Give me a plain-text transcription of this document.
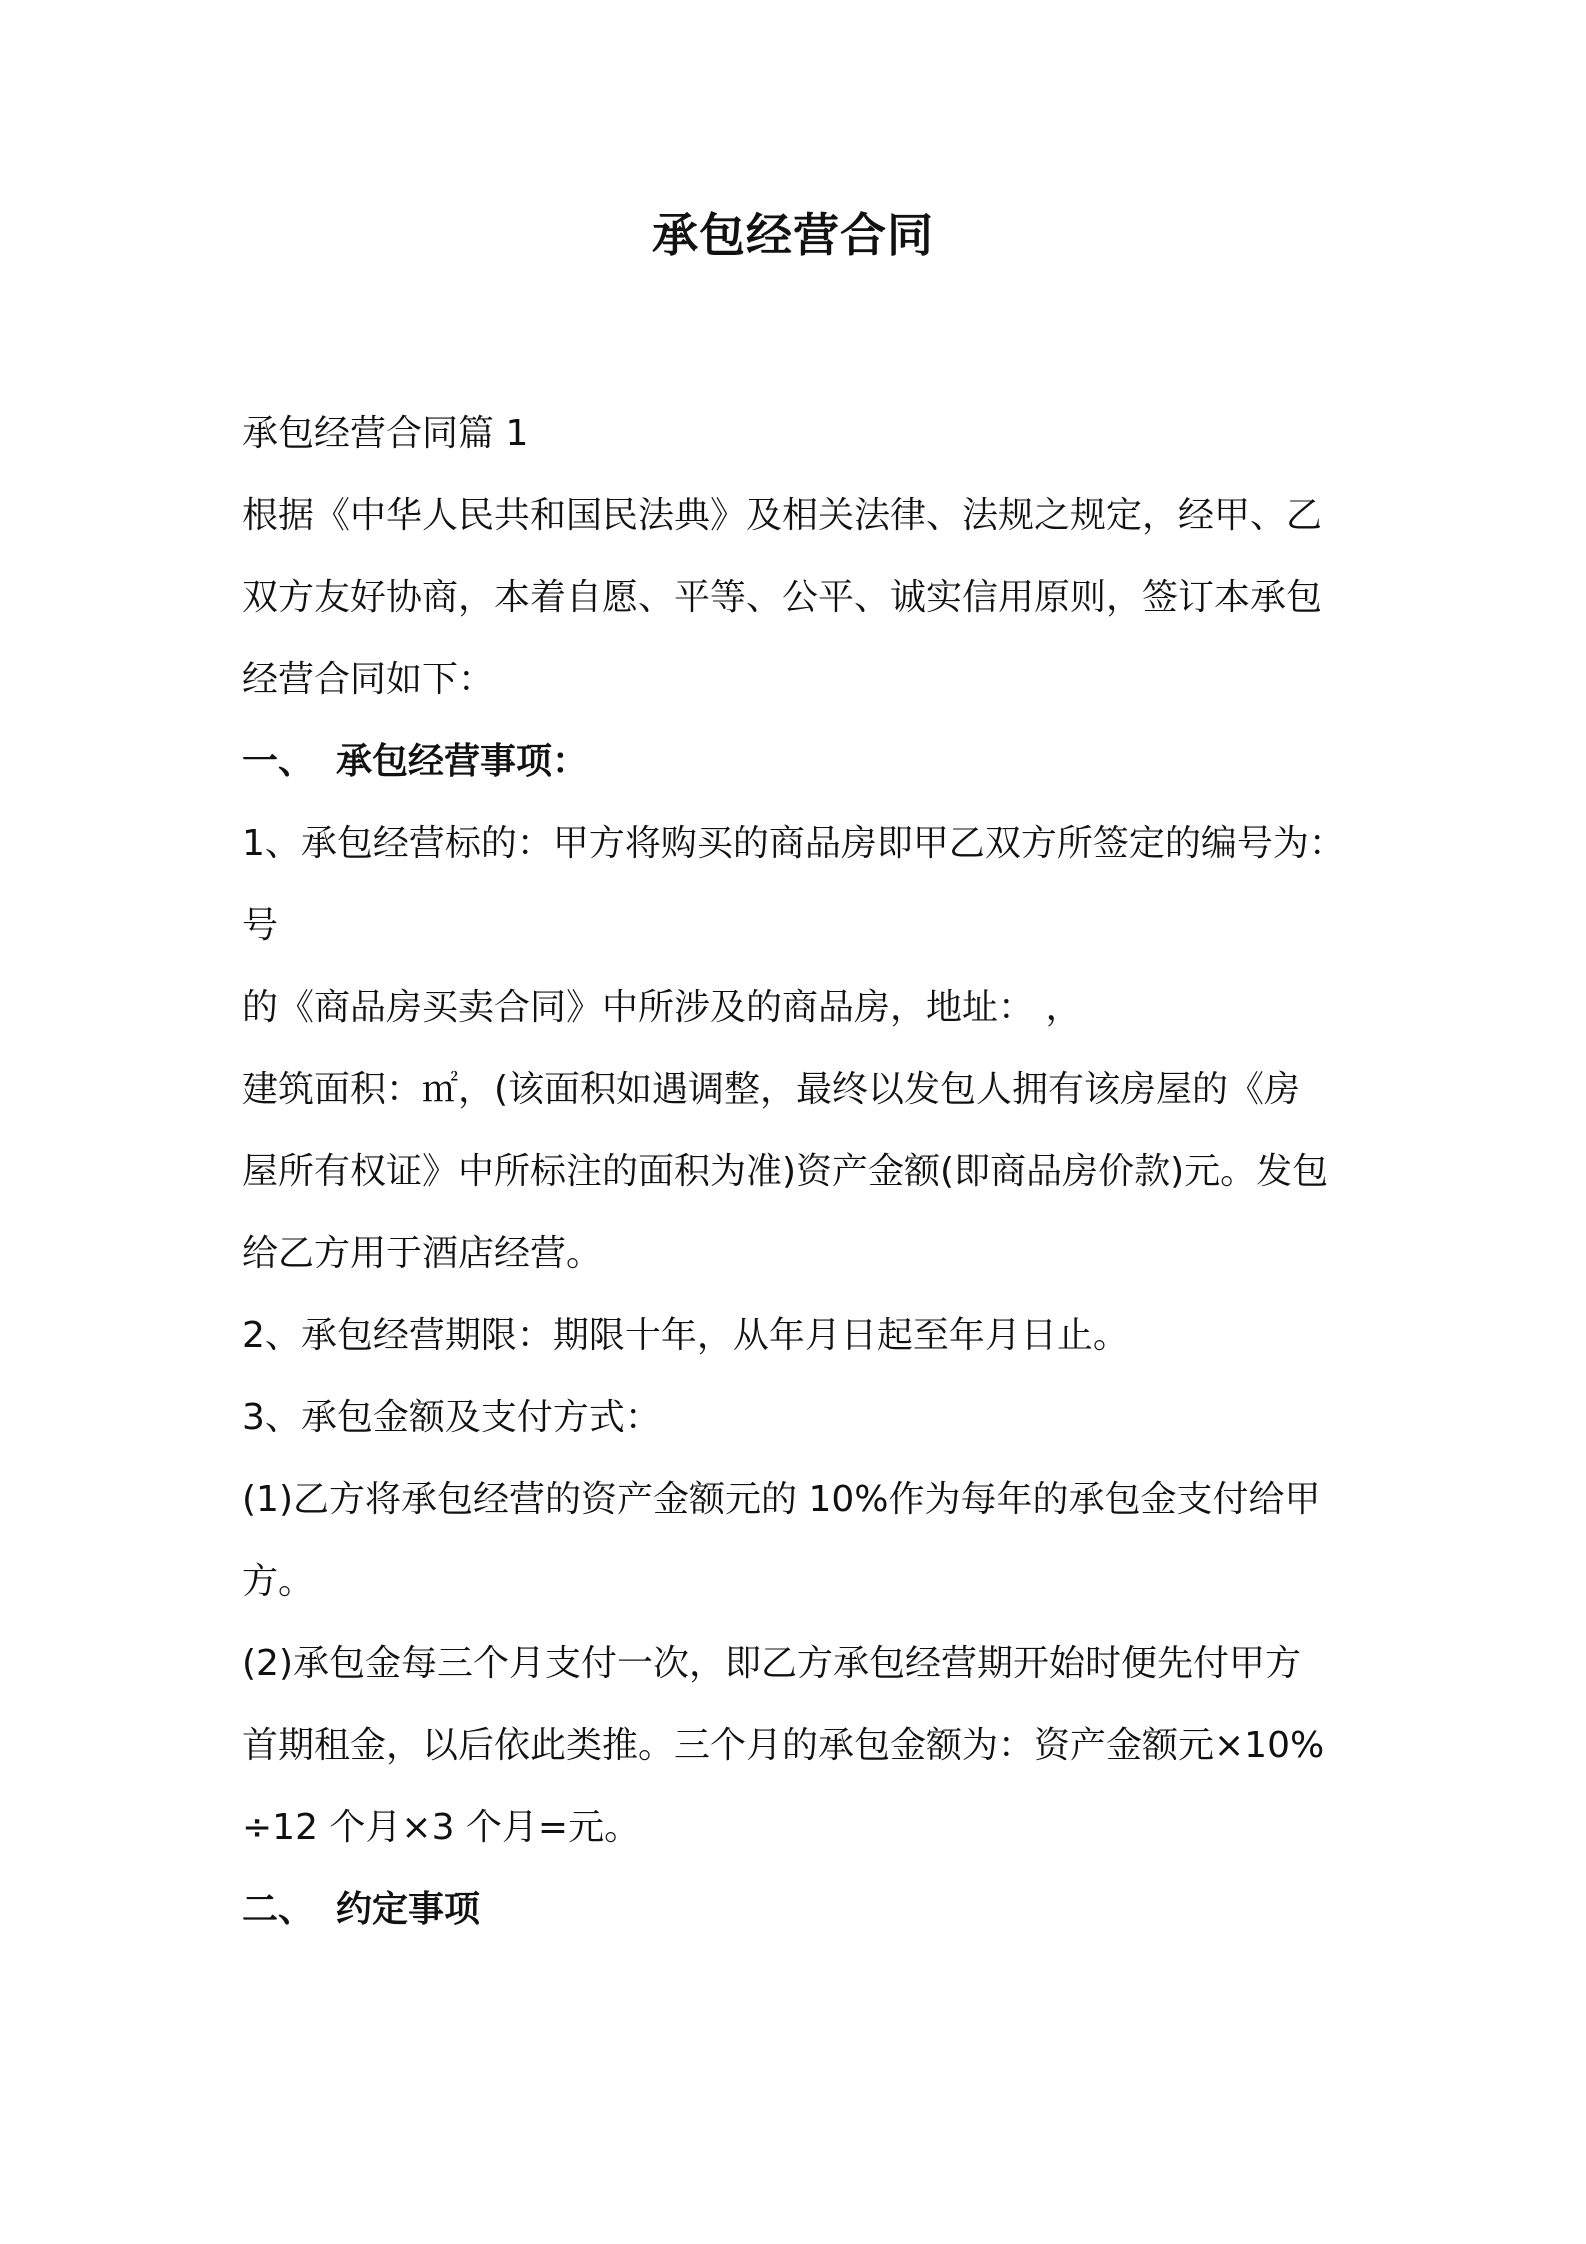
承包经营合同

承包经营合同篇 1

根据《中华人民共和国民法典》及相关法律、法规之规定，经甲、乙

双方友好协商，本着自愿、平等、公平、诚实信用原则，签订本承包

经营合同如下：

一、 承包经营事项：

1、承包经营标的：甲方将购买的商品房即甲乙双方所签定的编号为：

号

的《商品房买卖合同》中所涉及的商品房，地址： ，

建筑面积：㎡，(该面积如遇调整，最终以发包人拥有该房屋的《房

屋所有权证》中所标注的面积为准)资产金额(即商品房价款)元。发包

给乙方用于酒店经营。

2、承包经营期限：期限十年，从年月日起至年月日止。

3、承包金额及支付方式：

(1)乙方将承包经营的资产金额元的 10%作为每年的承包金支付给甲

方。

(2)承包金每三个月支付一次，即乙方承包经营期开始时便先付甲方

首期租金，以后依此类推。三个月的承包金额为：资产金额元×10%

÷12 个月×3 个月=元。

二、 约定事项
